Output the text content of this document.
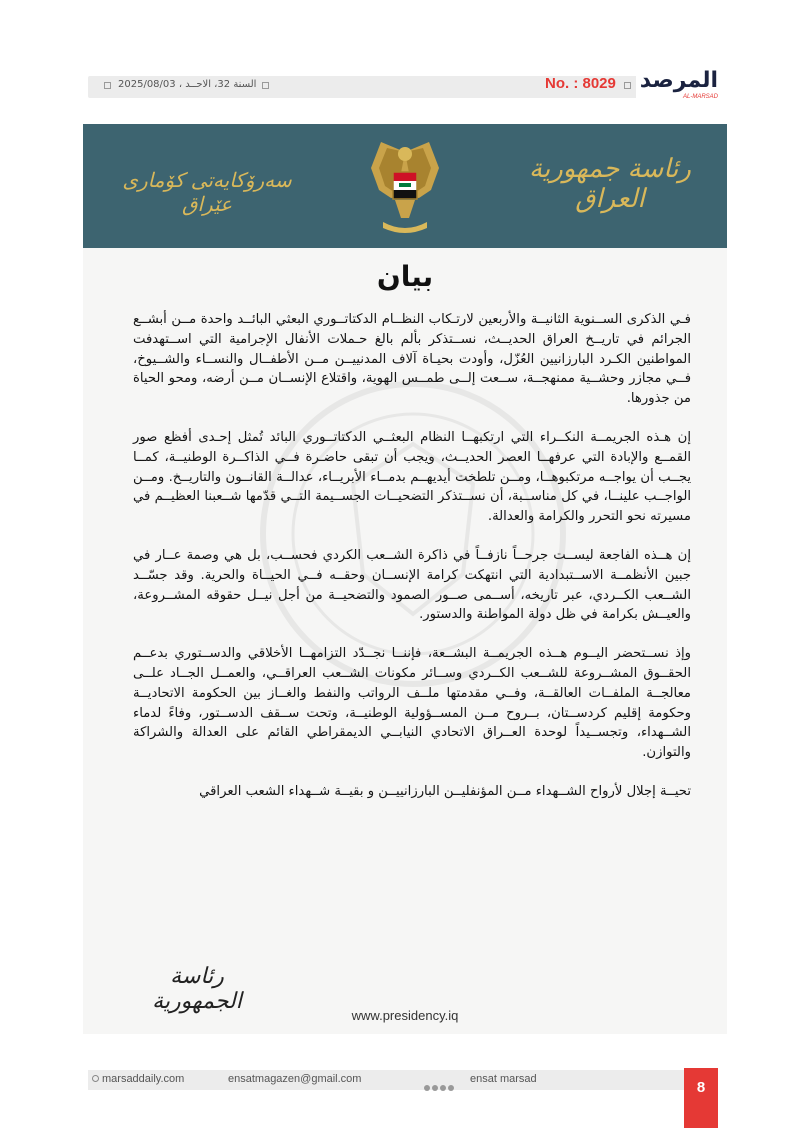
السنة 32، الاحــد ، 2025/08/03	No. : 8029 المرصد
AL-MARSAD
رئاسة جمهورية العراق
سەرۆکایەتی کۆماری عێراق
بيان

فـي الذكرى الســنوية الثانيــة والأربعين لارتـكاب النظــام الدكتاتــوري البعثي البائــد واحدة مــن أبشــع الجرائم في تاريــخ العراق الحديــث، نســتذكر بألم بالغ حـملات الأنفال الإجرامية التي اســتهدفت المواطنين الكـرد البارزانيين العُزّل، وأودت بحيـاة آلاف المدنييــن مــن الأطفــال والنســاء والشــيوخ، فــي مجازر وحشــية ممنهجــة، ســعت إلــى طمــس الهوية، واقتلاع الإنســان مــن أرضه، ومحو الحياة من جذورها.

إن هـذه الجريمــة النكــراء التي ارتكبهــا النظام البعثــي الدكتاتــوري البائد تُمثل إحـدى أفظع صور القمــع والإبادة التي عرفهــا العصر الحديــث، ويجب أن تبقى حاضـرة فــي الذاكــرة الوطنيــة، كمــا يجــب أن يواجــه مرتكبوهــا، ومــن تلطخت أيديهــم بدمــاء الأبريــاء، عدالــة القانــون والتاريــخ. ومــن الواجــب علينــا، في كل مناســبة، أن نســتذكر التضحيــات الجســيمة التــي قدّمها شــعبنا العظيــم في مسيرته نحو التحرر والكرامة والعدالة.

إن هــذه الفاجعة ليســت جرحــاً نازفــاً في ذاكرة الشــعب الكردي فحســب، بل هي وصمة عــار في جبين الأنظمــة الاســتبدادية التي انتهكت كرامة الإنســان وحقــه فــي الحيــاة والحرية. وقد جسّــد الشــعب الكــردي، عبر تاريخه، أســمى صــور الصمود والتضحيــة من أجل نيــل حقوقه المشــروعة، والعيــش بكرامة في ظل دولة المواطنة والدستور.

وإذ نســتحضر اليــوم هــذه الجريمــة البشــعة، فإننــا نجــدّد التزامهــا الأخلاقي والدســتوري بدعــم الحقــوق المشــروعة للشــعب الكــردي وســائر مكونات الشــعب العراقــي، والعمــل الجــاد علــى معالجــة الملفــات العالقــة، وفــي مقدمتها ملــف الرواتب والنفط والغــاز بين الحكومة الاتحاديــة وحكومة إقليم كردســتان، بــروح مــن المســؤولية الوطنيــة، وتحت ســقف الدســتور، وفاءً لدماء الشــهداء، وتجســيداً لوحدة العــراق الاتحادي النيابــي الديمقراطي القائم على العدالة والشراكة والتوازن.

تحيــة إجلال لأرواح الشــهداء مــن المؤنفليــن البارزانييــن و بقيــة شــهداء الشعب العراقي

رئاسة الجمهورية
www.presidency.iq
marsaddaily.com	ensatmagazen@gmail.com	ensat marsad	8
